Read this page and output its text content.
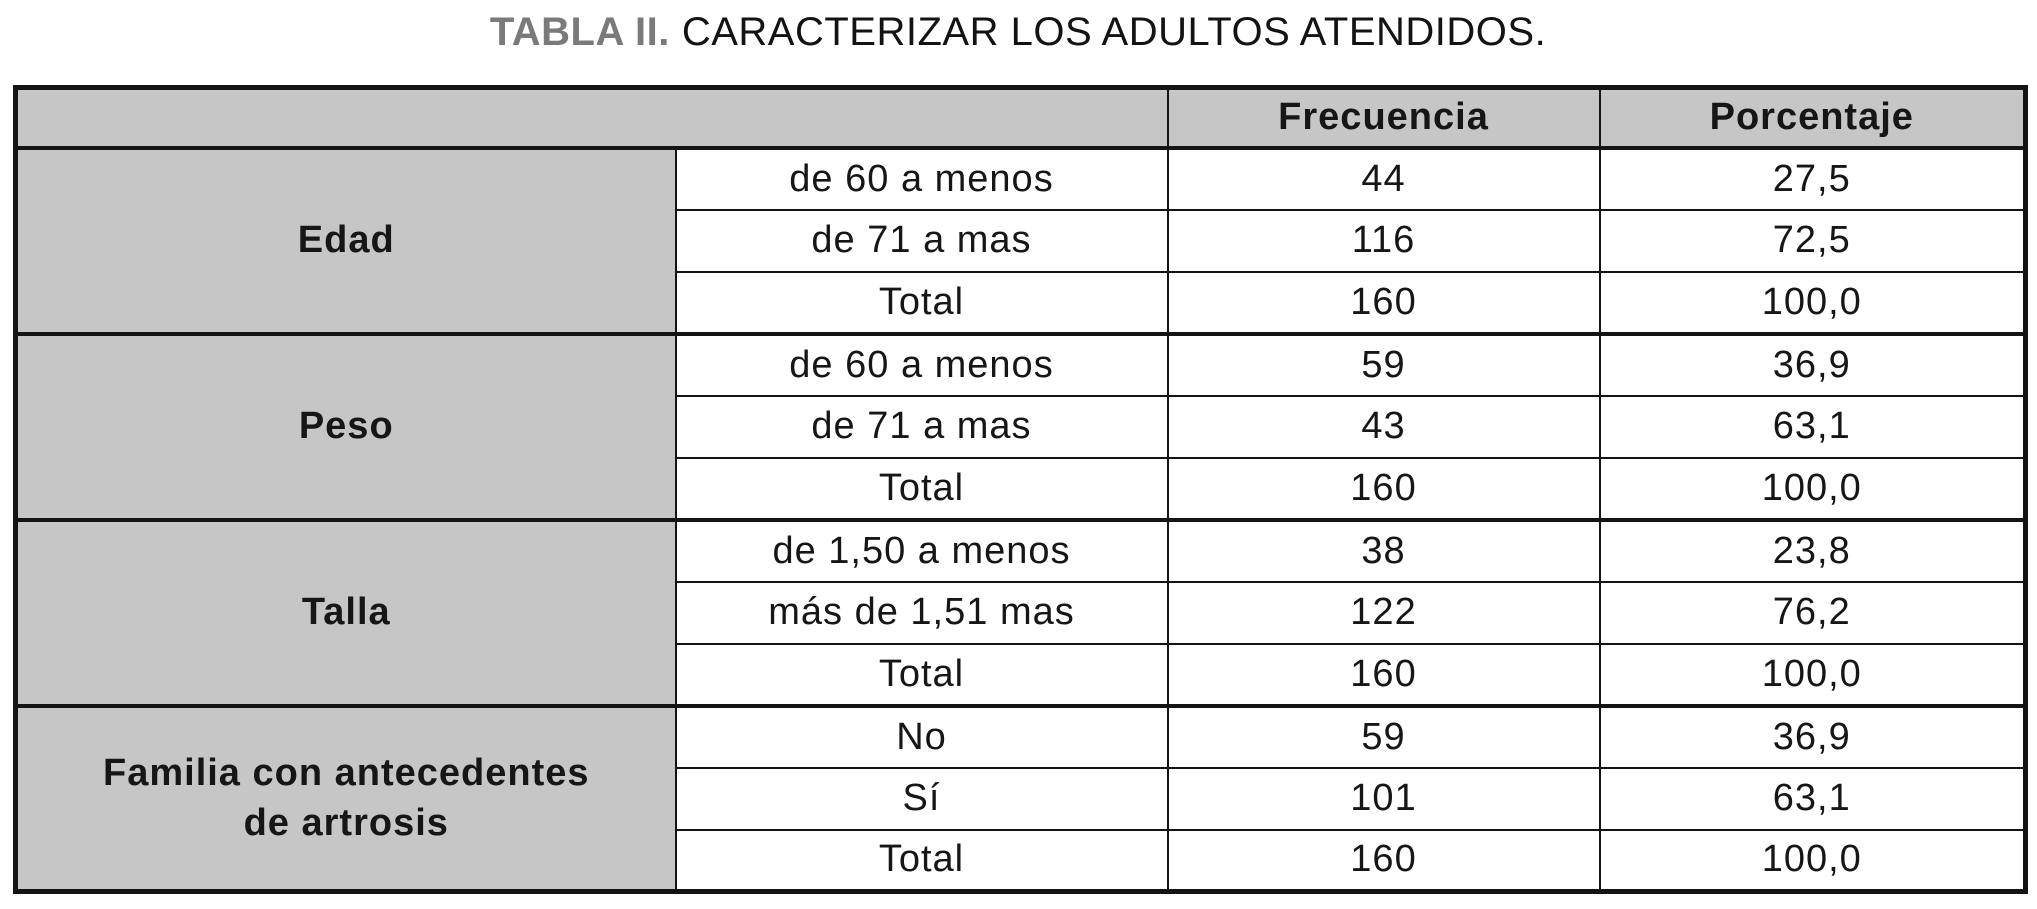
TABLA II. CARACTERIZAR LOS ADULTOS ATENDIDOS.
		Frecuencia	Porcentaje
Edad	de 60 a menos	44	27,5
	de 71 a mas	116	72,5
	Total	160	100,0
Peso	de 60 a menos	59	36,9
	de 71 a mas	43	63,1
	Total	160	100,0
Talla	de 1,50 a menos	38	23,8
	más de 1,51 mas	122	76,2
	Total	160	100,0
Familia con antecedentes de artrosis	No	59	36,9
	Sí	101	63,1
	Total	160	100,0
